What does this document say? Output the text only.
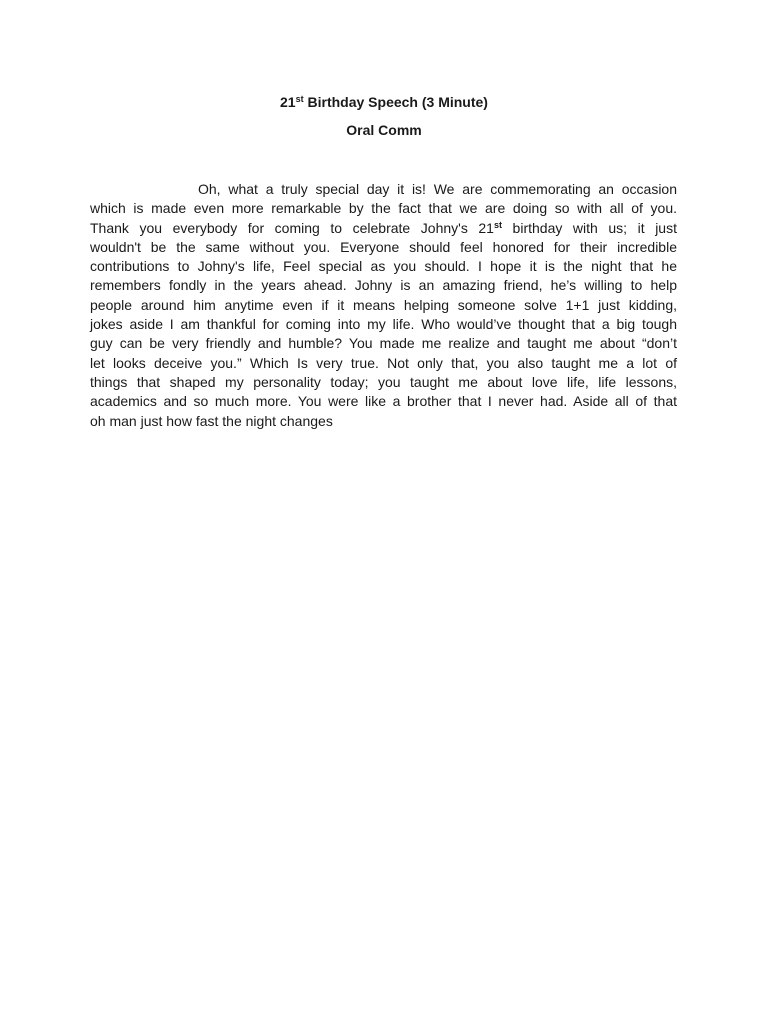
21st Birthday Speech (3 Minute)

Oral Comm

Oh, what a truly special day it is! We are commemorating an occasion
which is made even more remarkable by the fact that we are doing so with all of you.
Thank you everybody for coming to celebrate Johny's 21st birthday with us; it just
wouldn't be the same without you. Everyone should feel honored for their incredible
contributions to Johny's life, Feel special as you should. I hope it is the night that he
remembers fondly in the years ahead. Johny is an amazing friend, he’s willing to help
people around him anytime even if it means helping someone solve 1+1 just kidding,
jokes aside I am thankful for coming into my life. Who would’ve thought that a big tough
guy can be very friendly and humble? You made me realize and taught me about “don’t
let looks deceive you.” Which Is very true. Not only that, you also taught me a lot of
things that shaped my personality today; you taught me about love life, life lessons,
academics and so much more. You were like a brother that I never had. Aside all of that
oh man just how fast the night changes
